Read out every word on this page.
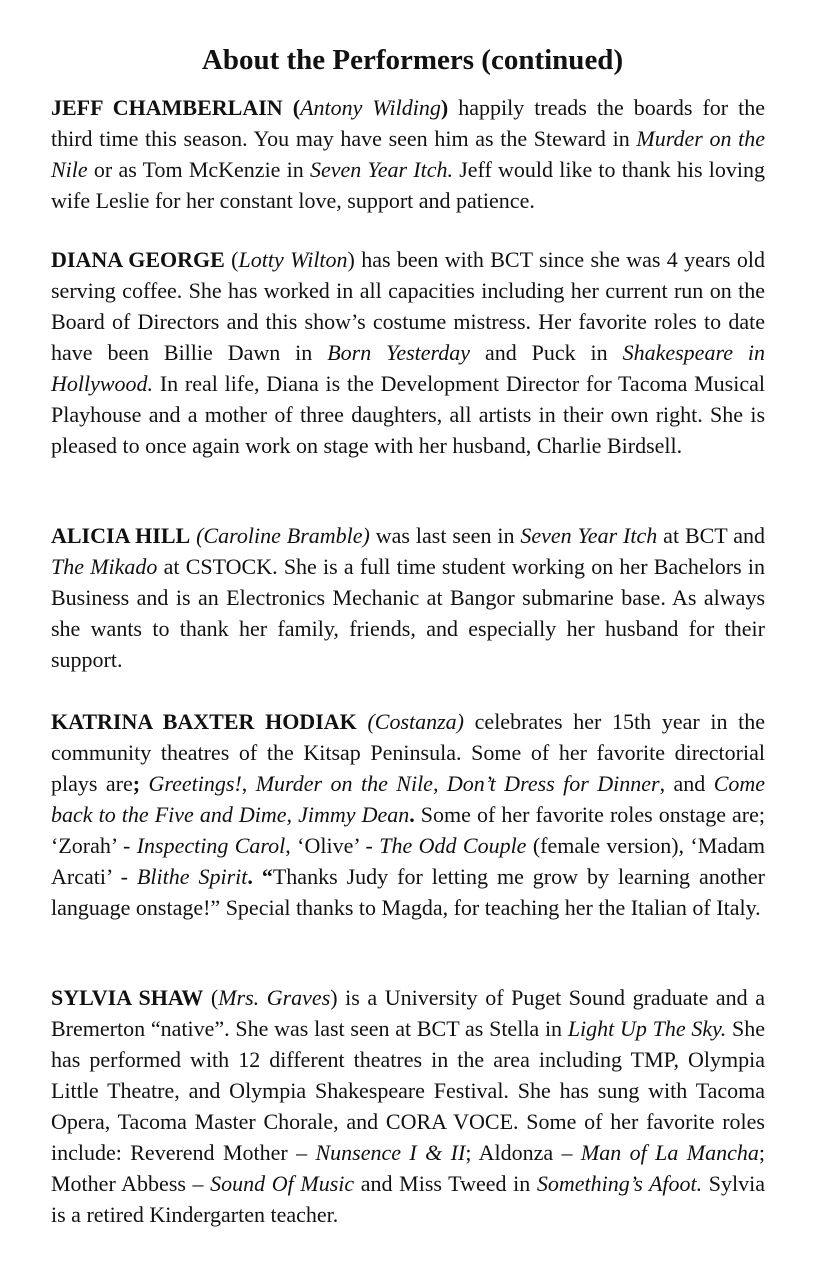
About the Performers (continued)

JEFF CHAMBERLAIN (Antony Wilding) happily treads the boards for the third time this season. You may have seen him as the Steward in Murder on the Nile or as Tom McKenzie in Seven Year Itch. Jeff would like to thank his loving wife Leslie for her constant love, support and patience.

DIANA GEORGE (Lotty Wilton) has been with BCT since she was 4 years old serving coffee. She has worked in all capacities including her current run on the Board of Directors and this show’s costume mistress. Her favorite roles to date have been Billie Dawn in Born Yesterday and Puck in Shakespeare in Hollywood. In real life, Diana is the Development Director for Tacoma Musical Playhouse and a mother of three daughters, all artists in their own right. She is pleased to once again work on stage with her husband, Charlie Birdsell.

ALICIA HILL (Caroline Bramble) was last seen in Seven Year Itch at BCT and The Mikado at CSTOCK. She is a full time student working on her Bachelors in Business and is an Electronics Mechanic at Bangor submarine base. As always she wants to thank her family, friends, and especially her husband for their support.

KATRINA BAXTER HODIAK (Costanza) celebrates her 15th year in the community theatres of the Kitsap Peninsula. Some of her favorite directorial plays are; Greetings!, Murder on the Nile, Don’t Dress for Dinner, and Come back to the Five and Dime, Jimmy Dean. Some of her favorite roles onstage are; ‘Zorah’ - Inspecting Carol, ‘Olive’ - The Odd Couple (female version), ‘Madam Arcati’ - Blithe Spirit. “Thanks Judy for letting me grow by learning another language onstage!” Special thanks to Magda, for teaching her the Italian of Italy.

SYLVIA SHAW (Mrs. Graves) is a University of Puget Sound graduate and a Bremerton “native”. She was last seen at BCT as Stella in Light Up The Sky. She has performed with 12 different theatres in the area including TMP, Olympia Little Theatre, and Olympia Shakespeare Festival. She has sung with Tacoma Opera, Tacoma Master Chorale, and CORA VOCE. Some of her favorite roles include: Reverend Mother – Nunsence I & II; Aldonza – Man of La Mancha; Mother Abbess – Sound Of Music and Miss Tweed in Something’s Afoot. Sylvia is a retired Kindergarten teacher.
